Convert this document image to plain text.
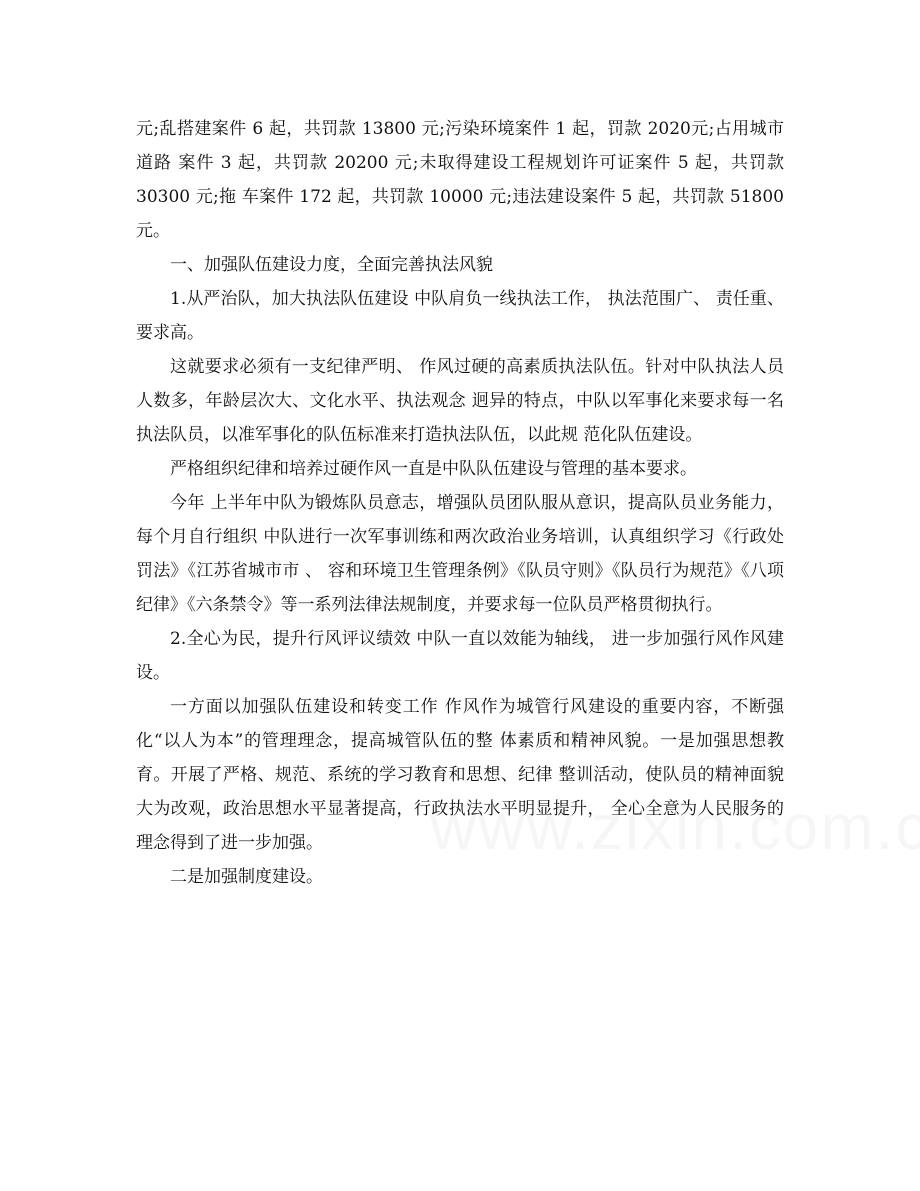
元;乱搭建案件 6 起，共罚款 13800 元;污染环境案件 1 起，罚款 2020元;占用城市道路 案件 3 起，共罚款 20200 元;未取得建设工程规划许可证案件 5 起，共罚款 30300 元;拖 车案件 172 起，共罚款 10000 元;违法建设案件 5 起，共罚款 51800 元。

一、加强队伍建设力度，全面完善执法风貌

1.从严治队，加大执法队伍建设 中队肩负一线执法工作， 执法范围广、 责任重、 要求高。

这就要求必须有一支纪律严明、 作风过硬的高素质执法队伍。针对中队执法人员人数多，年龄层次大、文化水平、执法观念 迥异的特点，中队以军事化来要求每一名执法队员，以准军事化的队伍标准来打造执法队伍，以此规 范化队伍建设。

严格组织纪律和培养过硬作风一直是中队队伍建设与管理的基本要求。

今年 上半年中队为锻炼队员意志，增强队员团队服从意识，提高队员业务能力，每个月自行组织 中队进行一次军事训练和两次政治业务培训，认真组织学习《行政处罚法》《江苏省城市市 、 容和环境卫生管理条例》《队员守则》《队员行为规范》《八项纪律》《六条禁令》等一系列法律法规制度，并要求每一位队员严格贯彻执行。

2.全心为民，提升行风评议绩效 中队一直以效能为轴线， 进一步加强行风作风建设。

一方面以加强队伍建设和转变工作 作风作为城管行风建设的重要内容，不断强化“以人为本”的管理理念，提高城管队伍的整 体素质和精神风貌。一是加强思想教育。开展了严格、规范、系统的学习教育和思想、纪律 整训活动，使队员的精神面貌大为改观，政治思想水平显著提高，行政执法水平明显提升， 全心全意为人民服务的理念得到了进一步加强。

二是加强制度建设。
